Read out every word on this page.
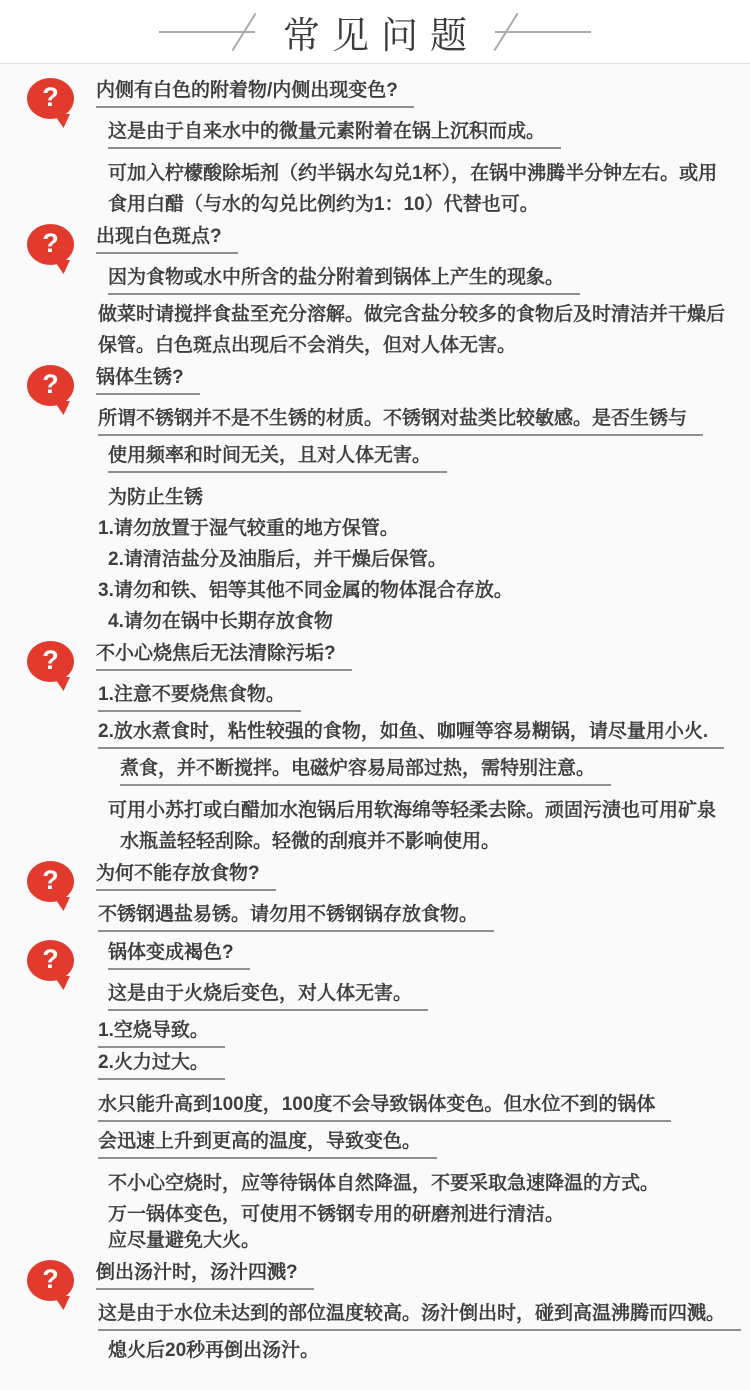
常见问题
? 内侧有白色的附着物/内侧出现变色?
这是由于自来水中的微量元素附着在锅上沉积而成。
可加入柠檬酸除垢剂（约半锅水勾兑1杯），在锅中沸腾半分钟左右。或用
食用白醋（与水的勾兑比例约为1：10）代替也可。
? 出现白色斑点?
因为食物或水中所含的盐分附着到锅体上产生的现象。
做菜时请搅拌食盐至充分溶解。做完含盐分较多的食物后及时清洁并干燥后
保管。白色斑点出现后不会消失，但对人体无害。
? 锅体生锈?
所谓不锈钢并不是不生锈的材质。不锈钢对盐类比较敏感。是否生锈与
使用频率和时间无关，且对人体无害。
为防止生锈
1.请勿放置于湿气较重的地方保管。
2.请清洁盐分及油脂后，并干燥后保管。
3.请勿和铁、铝等其他不同金属的物体混合存放。
4.请勿在锅中长期存放食物
? 不小心烧焦后无法清除污垢?
1.注意不要烧焦食物。
2.放水煮食时，粘性较强的食物，如鱼、咖喱等容易糊锅，请尽量用小火.
煮食，并不断搅拌。电磁炉容易局部过热，需特别注意。
可用小苏打或白醋加水泡锅后用软海绵等轻柔去除。顽固污渍也可用矿泉
水瓶盖轻轻刮除。轻微的刮痕并不影响使用。
? 为何不能存放食物?
不锈钢遇盐易锈。请勿用不锈钢锅存放食物。
?	锅体变成褐色?
这是由于火烧后变色，对人体无害。
1.空烧导致。
2.火力过大。
水只能升高到100度，100度不会导致锅体变色。但水位不到的锅体
会迅速上升到更高的温度，导致变色。
不小心空烧时，应等待锅体自然降温，不要采取急速降温的方式。
万一锅体变色，可使用不锈钢专用的研磨剂进行清洁。
应尽量避免大火。
? 倒出汤汁时，汤汁四溅?
这是由于水位未达到的部位温度较高。汤汁倒出时，碰到高温沸腾而四溅。
熄火后20秒再倒出汤汁。
